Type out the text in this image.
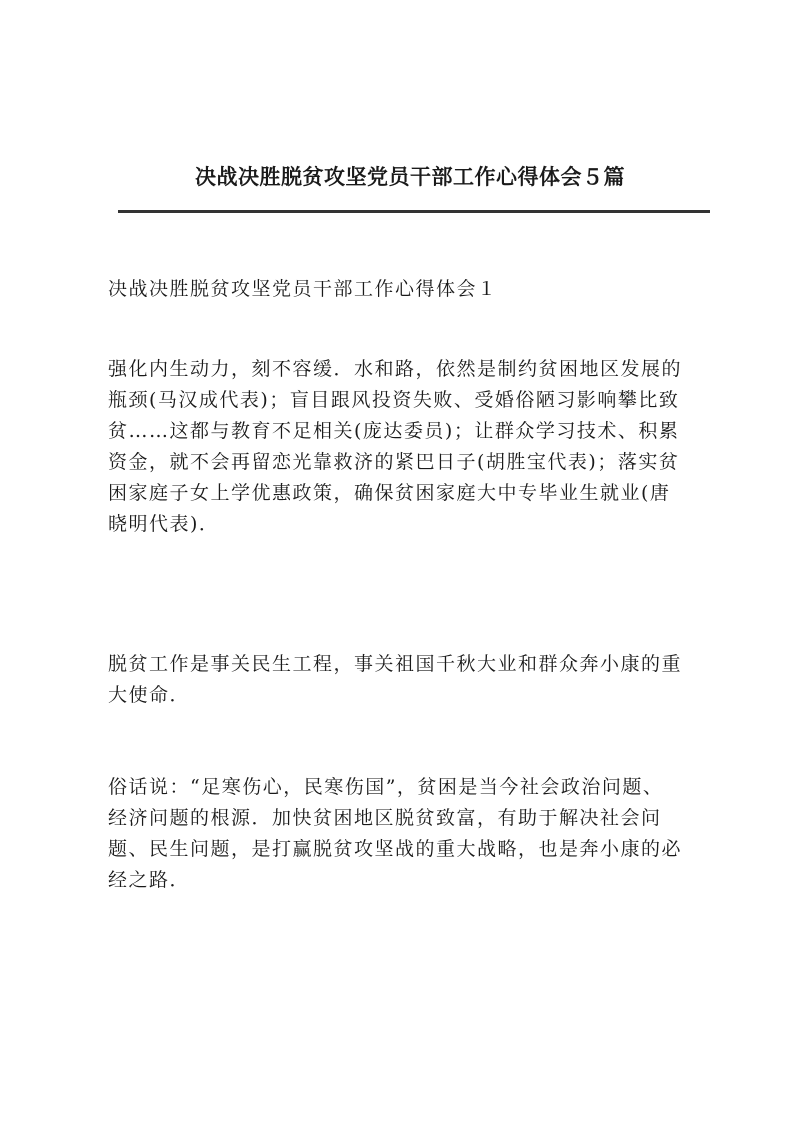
决战决胜脱贫攻坚党员干部工作心得体会５篇
决战决胜脱贫攻坚党员干部工作心得体会１
强化内生动力，刻不容缓．水和路，依然是制约贫困地区发展的
瓶颈(马汉成代表)；盲目跟风投资失败、受婚俗陋习影响攀比致
贫……这都与教育不足相关(庞达委员)；让群众学习技术、积累
资金，就不会再留恋光靠救济的紧巴日子(胡胜宝代表)；落实贫
困家庭子女上学优惠政策，确保贫困家庭大中专毕业生就业(唐
晓明代表)．
脱贫工作是事关民生工程，事关祖国千秋大业和群众奔小康的重
大使命．
俗话说：“足寒伤心，民寒伤国”，贫困是当今社会政治问题、
经济问题的根源．加快贫困地区脱贫致富，有助于解决社会问
题、民生问题，是打赢脱贫攻坚战的重大战略，也是奔小康的必
经之路．
